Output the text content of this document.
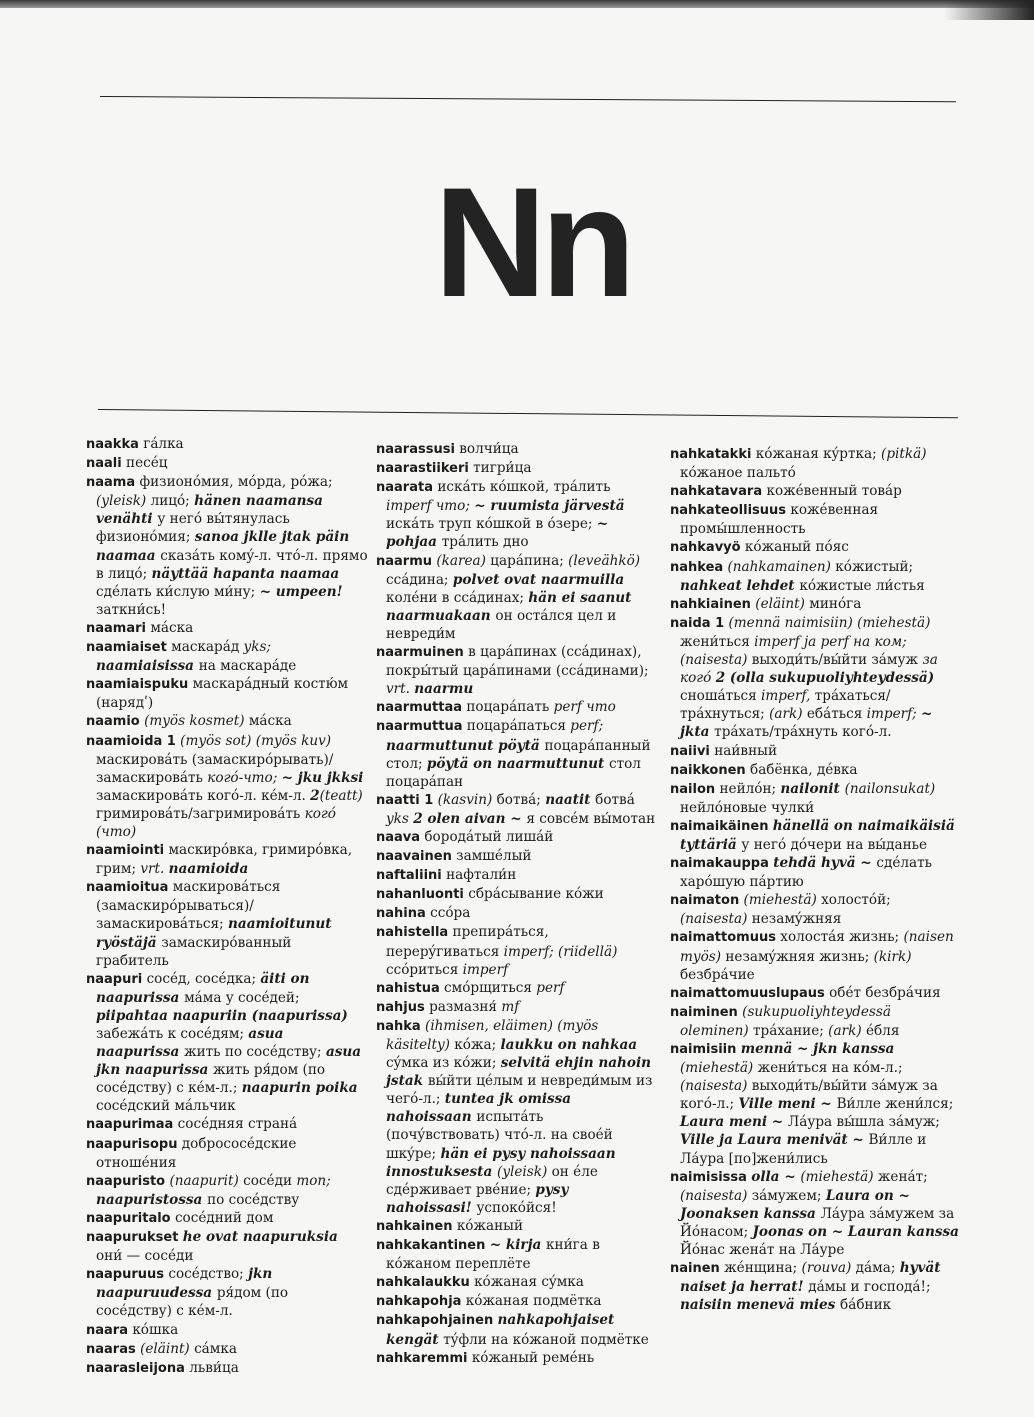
Nn

naakka гáлка

naali песéц

naama физионóмия, мóрда, рóжа; (yleisk) лицó; hänen naamansa venähti у негó вы́тянулась физионóмия; sanoa jklle jtak päin naamaa сказáть комý-л. чтó-л. прямо в лицó; näyttää hapanta naamaa сдéлать ки́слую ми́ну; ~ umpeen! заткни́сь!

naamari мáска

naamiaiset маскарáд yks; naamiaisissa на маскарáде

naamiaispuku маскарáдный костю́м (нарядʹ)

naamio (myös kosmet) мáска

naamioida 1 (myös sot) (myös kuv) маскировáть (замаскирóрывать)/замаскировáть когó-что; ~ jku jkksi замаскировáть когó-л. кéм-л. 2(teatt) гримировáть/загримировáть когó (что)

naamiointi маскирóвка, гримирóвка, грим; vrt. naamioida

naamioitua маскировáться (замаскирóрываться)/замаскировáться; naamioitunut ryöstäjä замаскирóванный грабитель

naapuri сосéд, сосéдка; äiti on naapurissa мáма у сосéдей; piipahtaa naapuriin (naapurissa) забежáть к сосéдям; asua naapurissa жить по сосéдству; asua jkn naapurissa жить ря́дом (по сосéдству) с кéм-л.; naapurin poika сосéдский мáльчик

naapurimaa сосéдняя странá

naapurisopu добрососéдские отношéния

naapuristo (naapurit) сосéди mon; naapuristossa по сосéдству

naapuritalo сосéдний дом

naapurukset he ovat naapuruksia они́ — сосéди

naapuruus сосéдство; jkn naapuruudessa ря́дом (по сосéдству) с кéм-л.

naara кóшка

naaras (eläint) сáмка

naarasleijona льви́ца

naarassusi волчи́ца

naarastiikeri тигри́ца

naarata искáть кóшкой, трáлить imperf что; ~ ruumista järvestä искáть труп кóшкой в óзере; ~ pohjaa трáлить дно

naarmu (karea) царáпина; (leveähkö) ссáдина; polvet ovat naarmuilla колéни в ссáдинах; hän ei saanut naarmuakaan он остáлся цел и невреди́м

naarmuinen в царáпинах (ссáдинах), покры́тый царáпинами (ссáдинами); vrt. naarmu

naarmuttaa поцарáпать perf что

naarmuttua поцарáпаться perf; naarmuttunut pöytä поцарáпанный стол; pöytä on naarmuttunut стол поцарáпан

naatti 1 (kasvin) ботвá; naatit ботвá yks 2 olen aivan ~ я совсéм вы́мотан

naava бородáтый лишáй

naavainen замшéлый

naftaliini нафтали́н

nahanluonti сбрáсывание кóжи

nahina ссóра

nahistella препирáться, перерýгиваться imperf; (riidellä) ссóриться imperf

nahistua смóрщиться perf

nahjus размазня́ mf

nahka (ihmisen, eläimen) (myös käsitelty) кóжа; laukku on nahkaa сýмка из кóжи; selvitä ehjin nahoin jstak вы́йти цéлым и невреди́мым из чегó-л.; tuntea jk omissa nahoissaan испытáть (почýвствовать) чтó-л. на своéй шкýре; hän ei pysy nahoissaan innostuksesta (yleisk) он éле сдéрживает рвéние; pysy nahoissasi! успокóйся!

nahkainen кóжаный

nahkakantinen ~ kirja кни́га в кóжаном переплёте

nahkalaukku кóжаная сýмка

nahkapohja кóжаная подмётка

nahkapohjainen nahkapohjaiset kengät тýфли на кóжаной подмётке

nahkaremmi кóжаный ремéнь

nahkatakki кóжаная кýртка; (pitkä) кóжаное пальтó

nahkatavara кожéвенный товáр

nahkateollisuus кожéвенная промы́шленность

nahkavyö кóжаный пóяс

nahkea (nahkamainen) кóжистый; nahkeat lehdet кóжистые ли́стья

nahkiainen (eläint) минóга

naida 1 (mennä naimisiin) (miehestä) жени́ться imperf ja perf на ком; (naisesta) выходи́ть/вы́йти зáмуж за когó 2 (olla sukupuoliyhteydessä) сношáться imperf, трáхаться/трáхнуться; (ark) ебáться imperf; ~ jkta трáхать/трáхнуть когó-л.

naiivi наи́вный

naikkonen бабёнка, дéвка

nailon нейлóн; nailonit (nailonsukat) нейлóновые чулки́

naimaikäinen hänellä on naimaikäisiä tyttäriä у негó дóчери на вы́данье

naimakauppa tehdä hyvä ~ сдéлать харóшую пáртию

naimaton (miehestä) холостóй; (naisesta) незамýжняя

naimattomuus холостáя жизнь; (naisen myös) незамýжняя жизнь; (kirk) безбрáчие

naimattomuuslupaus обéт безбрáчия

naiminen (sukupuoliyhteydessä oleminen) трáхание; (ark) éбля

naimisiin mennä ~ jkn kanssa (miehestä) жени́ться на кóм-л.; (naisesta) выходи́ть/вы́йти зáмуж за когó-л.; Ville meni ~ Ви́лле жени́лся; Laura meni ~ Лáура вы́шла зáмуж; Ville ja Laura menivät ~ Ви́лле и Лáура [по]жени́лись

naimisissa olla ~ (miehestä) женáт; (naisesta) зáмужем; Laura on ~ Joonaksen kanssa Лáура зáмужем за Йóнасом; Joonas on ~ Lauran kanssa Йóнас женáт на Лáуре

nainen жéнщина; (rouva) дáма; hyvät naiset ja herrat! дáмы и господá!; naisiin menevä mies бáбник
